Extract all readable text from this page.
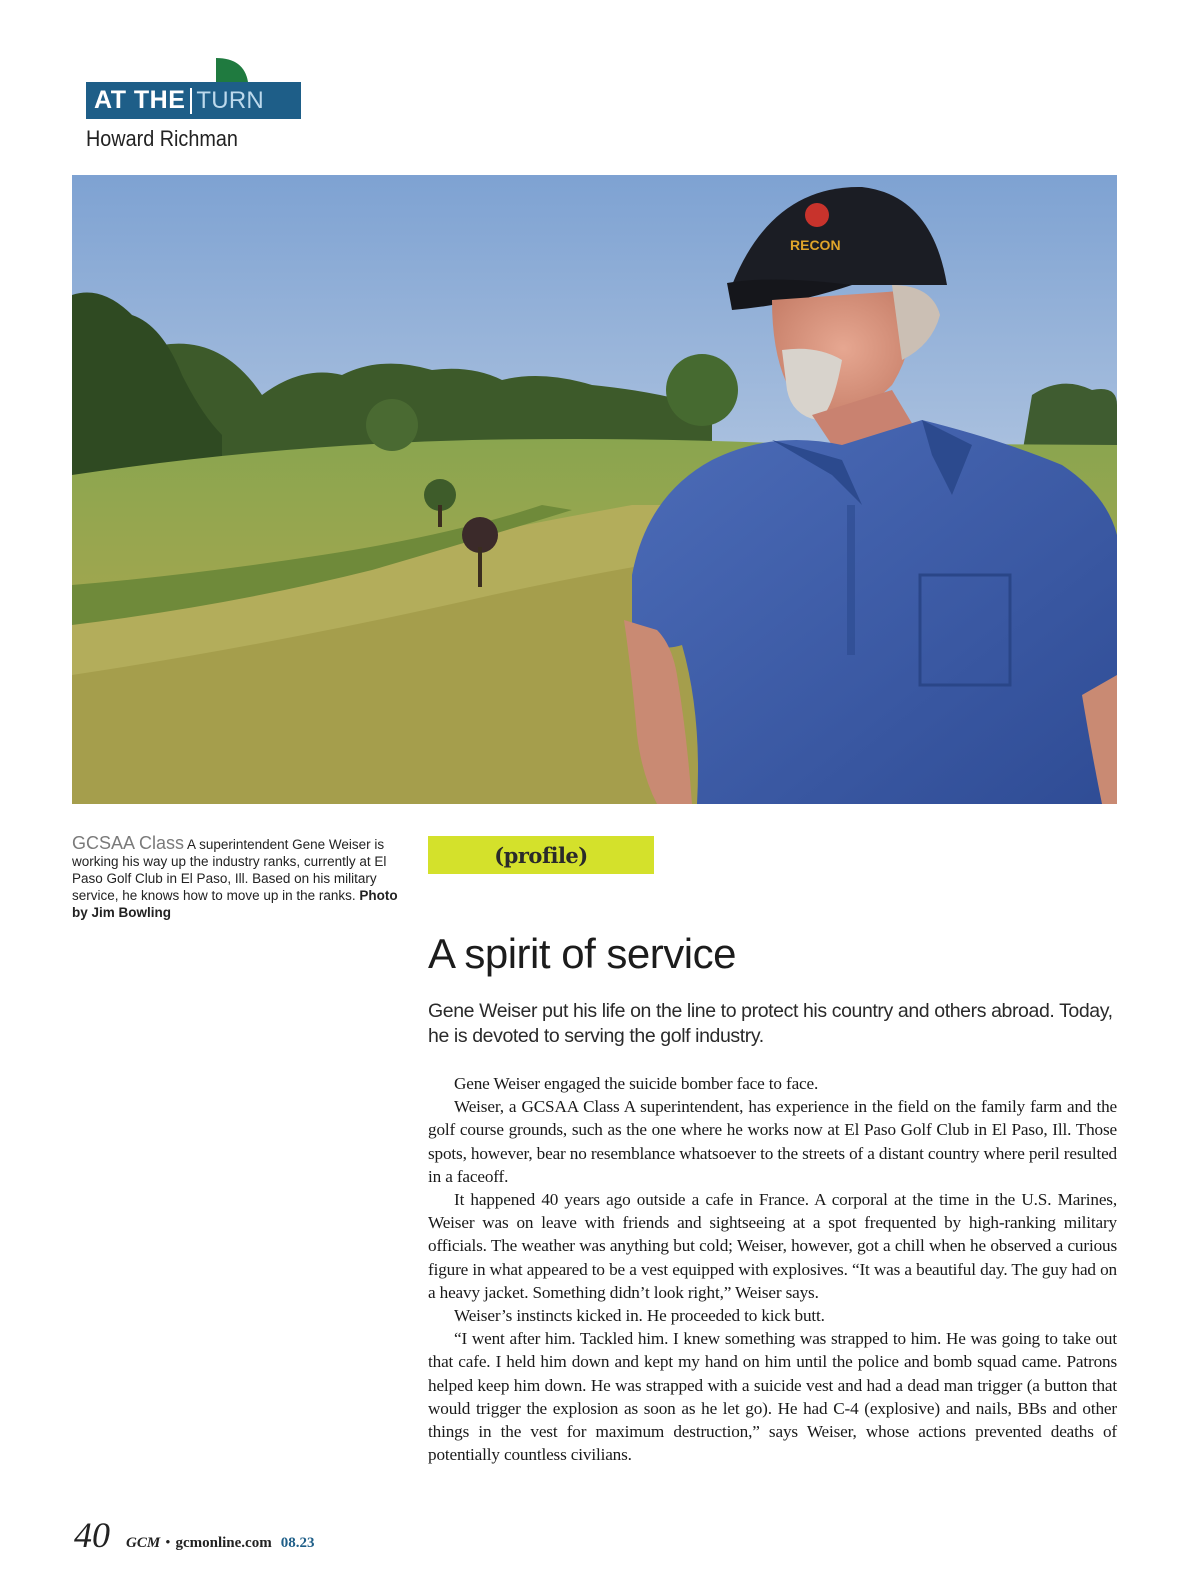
AT THE TURN
Howard Richman
RECON
GCSAA Class A superintendent Gene Weiser is working his way up the industry ranks, currently at El Paso Golf Club in El Paso, Ill. Based on his military service, he knows how to move up in the ranks. Photo by Jim Bowling
(profile)
A spirit of service

Gene Weiser put his life on the line to protect his country and others abroad. Today, he is devoted to serving the golf industry.

Gene Weiser engaged the suicide bomber face to face.

Weiser, a GCSAA Class A superintendent, has experience in the field on the family farm and the golf course grounds, such as the one where he works now at El Paso Golf Club in El Paso, Ill. Those spots, however, bear no resemblance whatsoever to the streets of a distant country where peril resulted in a faceoff.

It happened 40 years ago outside a cafe in France. A corporal at the time in the U.S. Marines, Weiser was on leave with friends and sightseeing at a spot frequented by high-ranking military officials. The weather was anything but cold; Weiser, however, got a chill when he observed a curious figure in what appeared to be a vest equipped with explosives. “It was a beautiful day. The guy had on a heavy jacket. Something didn’t look right,” Weiser says.

Weiser’s instincts kicked in. He proceeded to kick butt.

“I went after him. Tackled him. I knew something was strapped to him. He was going to take out that cafe. I held him down and kept my hand on him until the police and bomb squad came. Patrons helped keep him down. He was strapped with a suicide vest and had a dead man trigger (a button that would trigger the explosion as soon as he let go). He had C-4 (explosive) and nails, BBs and other things in the vest for maximum destruction,” says Weiser, whose actions prevented deaths of potentially countless civilians.

40 GCM • gcmonline.com 08.23
